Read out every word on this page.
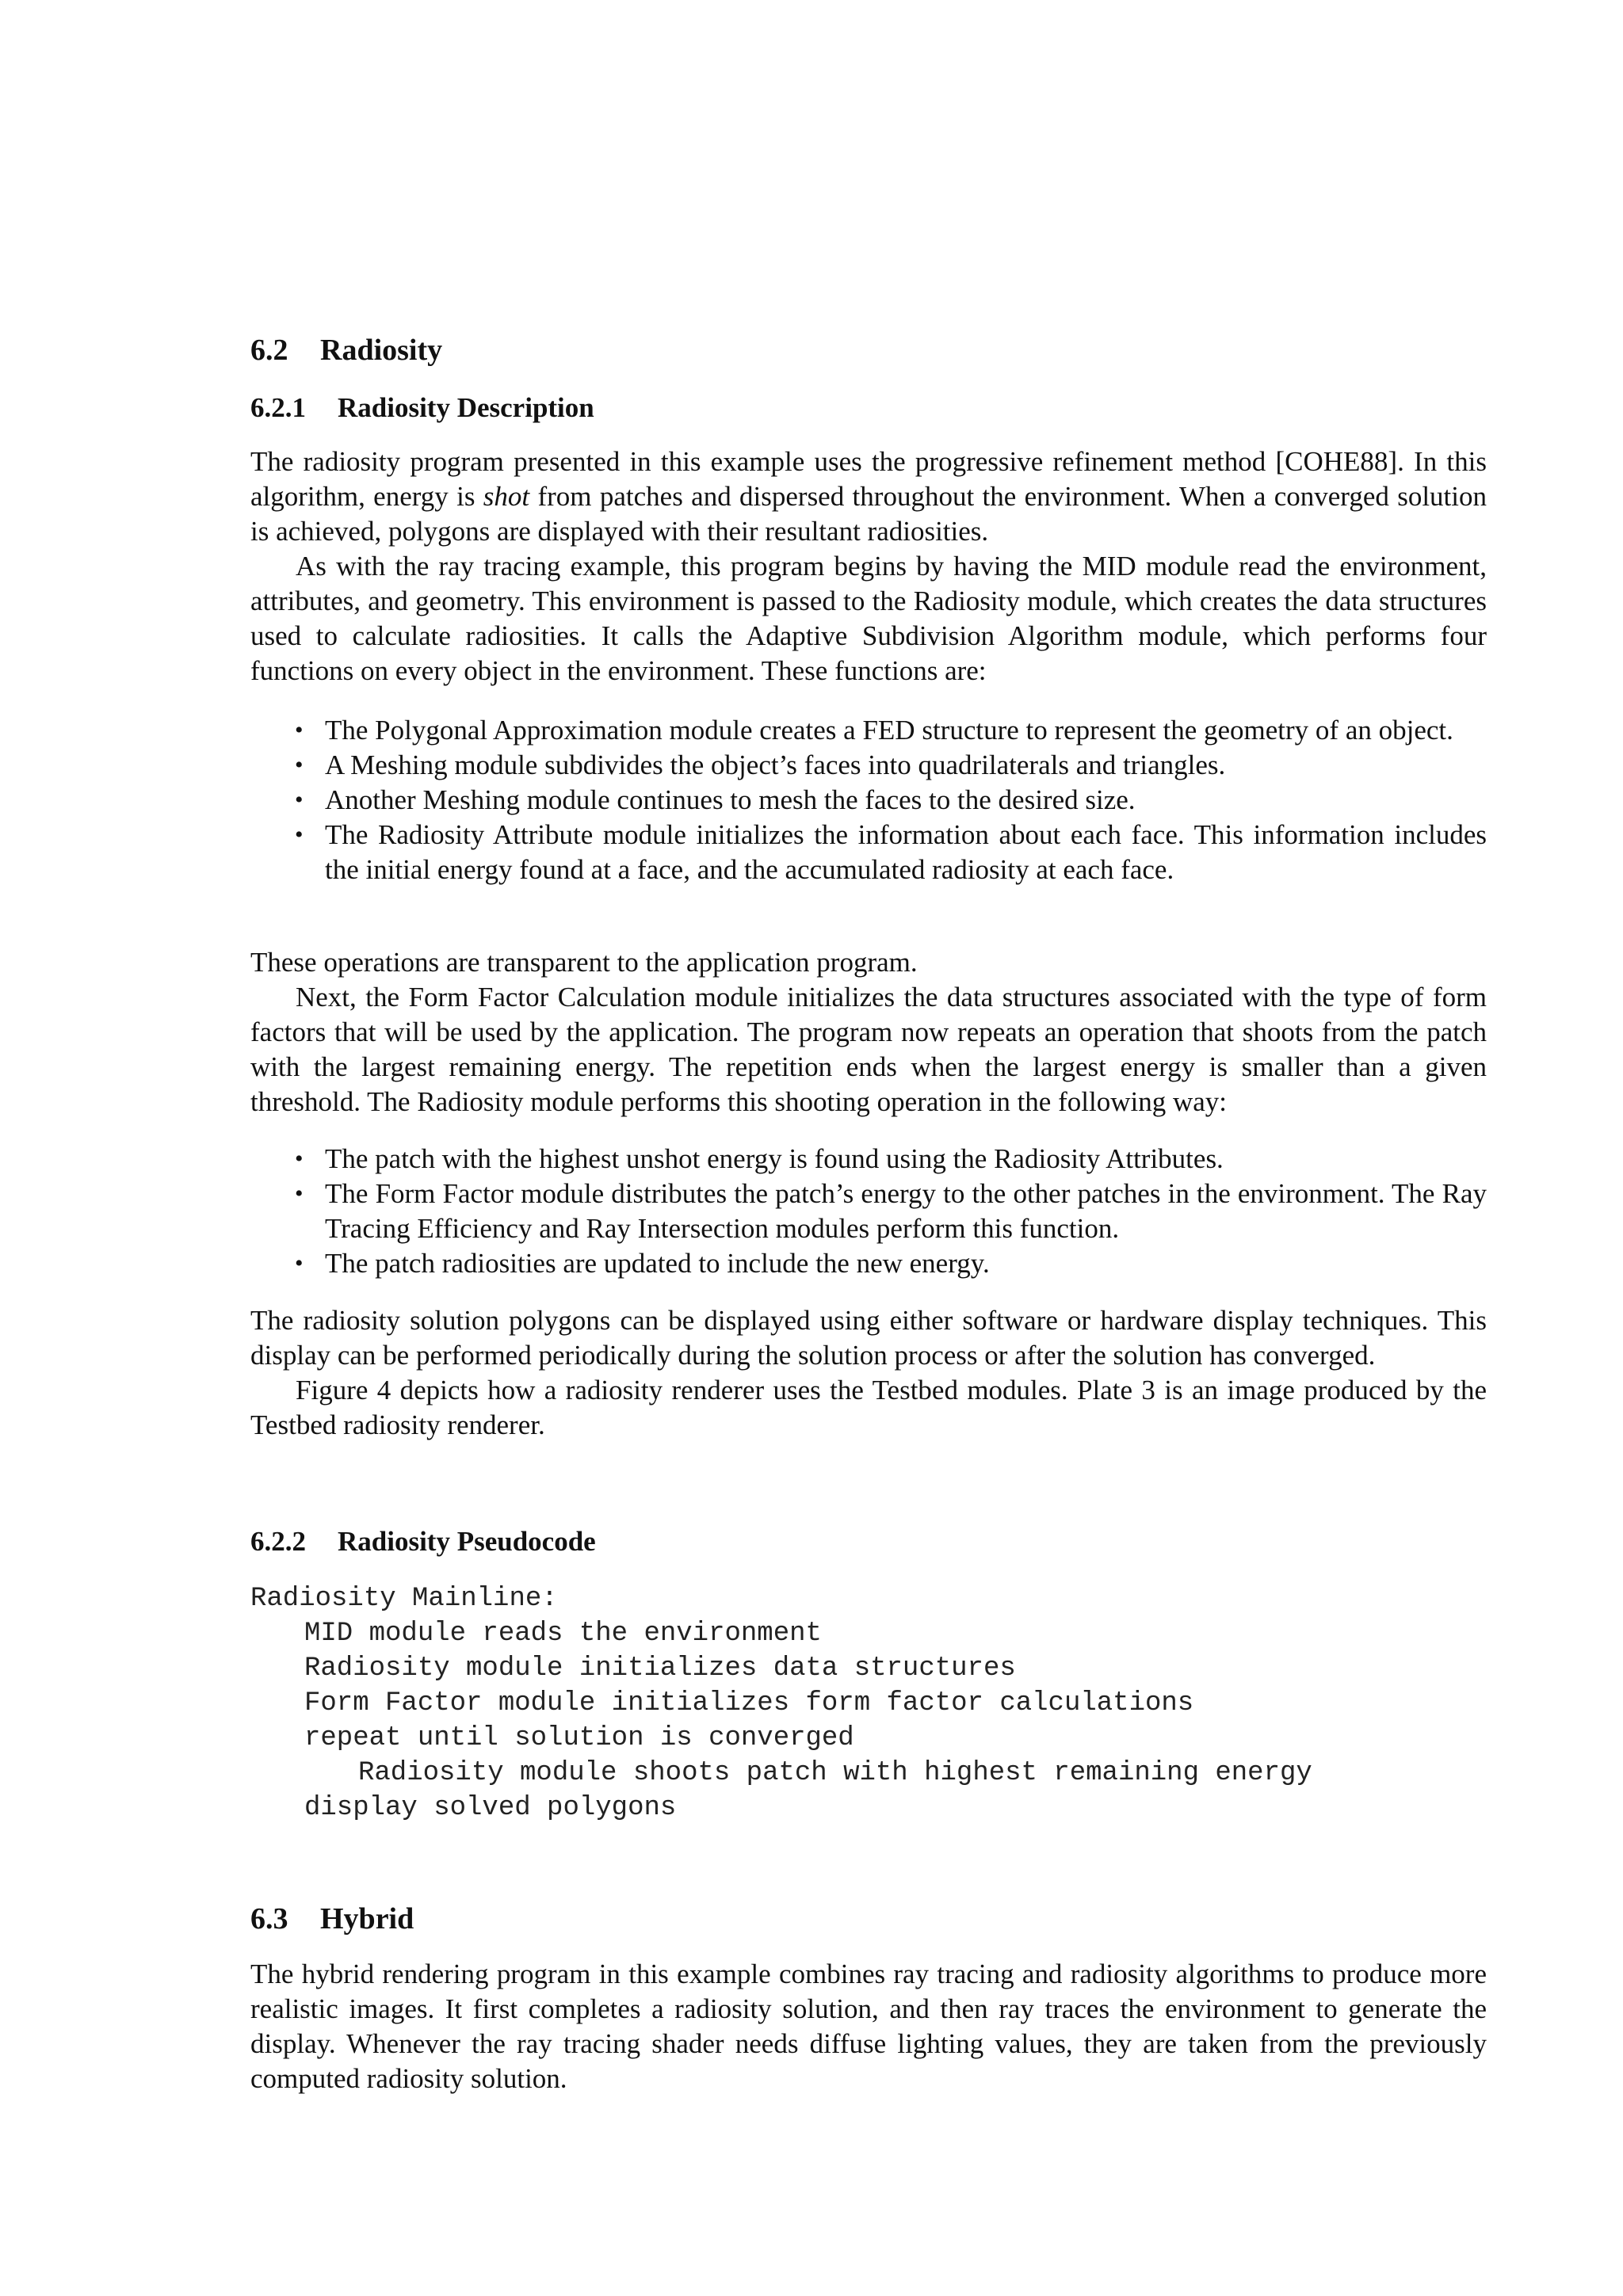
6.2 Radiosity

6.2.1 Radiosity Description

The radiosity program presented in this example uses the progressive refinement method [COHE88]. In this algorithm, energy is shot from patches and dispersed throughout the environment. When a converged solution is achieved, polygons are displayed with their resultant radiosities.

As with the ray tracing example, this program begins by having the MID module read the environment, attributes, and geometry. This environment is passed to the Radiosity module, which creates the data structures used to calculate radiosities. It calls the Adaptive Subdivision Algorithm module, which performs four functions on every object in the environment. These functions are:

• The Polygonal Approximation module creates a FED structure to represent the geometry of an object.
• A Meshing module subdivides the object’s faces into quadrilaterals and triangles.
• Another Meshing module continues to mesh the faces to the desired size.
• The Radiosity Attribute module initializes the information about each face. This information includes the initial energy found at a face, and the accumulated radiosity at each face.

These operations are transparent to the application program.

Next, the Form Factor Calculation module initializes the data structures associated with the type of form factors that will be used by the application. The program now repeats an operation that shoots from the patch with the largest remaining energy. The repetition ends when the largest energy is smaller than a given threshold. The Radiosity module performs this shooting operation in the following way:

• The patch with the highest unshot energy is found using the Radiosity Attributes.
• The Form Factor module distributes the patch’s energy to the other patches in the environment. The Ray Tracing Efficiency and Ray Intersection modules perform this function.
• The patch radiosities are updated to include the new energy.

The radiosity solution polygons can be displayed using either software or hardware display techniques. This display can be performed periodically during the solution process or after the solution has converged.

Figure 4 depicts how a radiosity renderer uses the Testbed modules. Plate 3 is an image produced by the Testbed radiosity renderer.

6.2.2 Radiosity Pseudocode

Radiosity Mainline:
MID module reads the environment
Radiosity module initializes data structures
Form Factor module initializes form factor calculations
repeat until solution is converged
Radiosity module shoots patch with highest remaining energy
display solved polygons

6.3 Hybrid

The hybrid rendering program in this example combines ray tracing and radiosity algorithms to produce more realistic images. It first completes a radiosity solution, and then ray traces the environment to generate the display. Whenever the ray tracing shader needs diffuse lighting values, they are taken from the previously computed radiosity solution.
